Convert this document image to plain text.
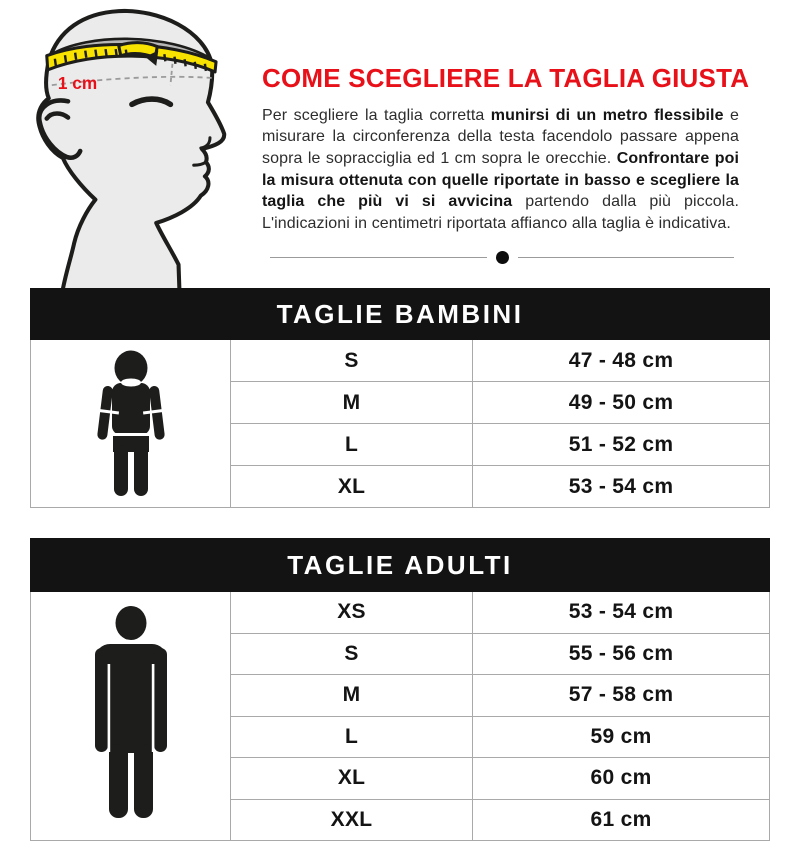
1 cm	COME SCEGLIERE LA TAGLIA GIUSTA

Per scegliere la taglia corretta munirsi di un metro flessibile e misurare la circonferenza della testa facendolo passare appena sopra le sopracciglia ed 1 cm sopra le orecchie. Confrontare poi la misura ottenuta con quelle riportate in basso e scegliere la taglia che più vi si avvicina partendo dalla più piccola. L'indicazioni in centimetri riportata affianco alla taglia è indicativa.

TAGLIE BAMBINI
S	47 - 48 cm
M	49 - 50 cm
L	51 - 52 cm
XL	53 - 54 cm
TAGLIE ADULTI
XS	53 - 54 cm
S	55 - 56 cm
M	57 - 58 cm
L	59 cm
XL	60 cm
XXL	61 cm
